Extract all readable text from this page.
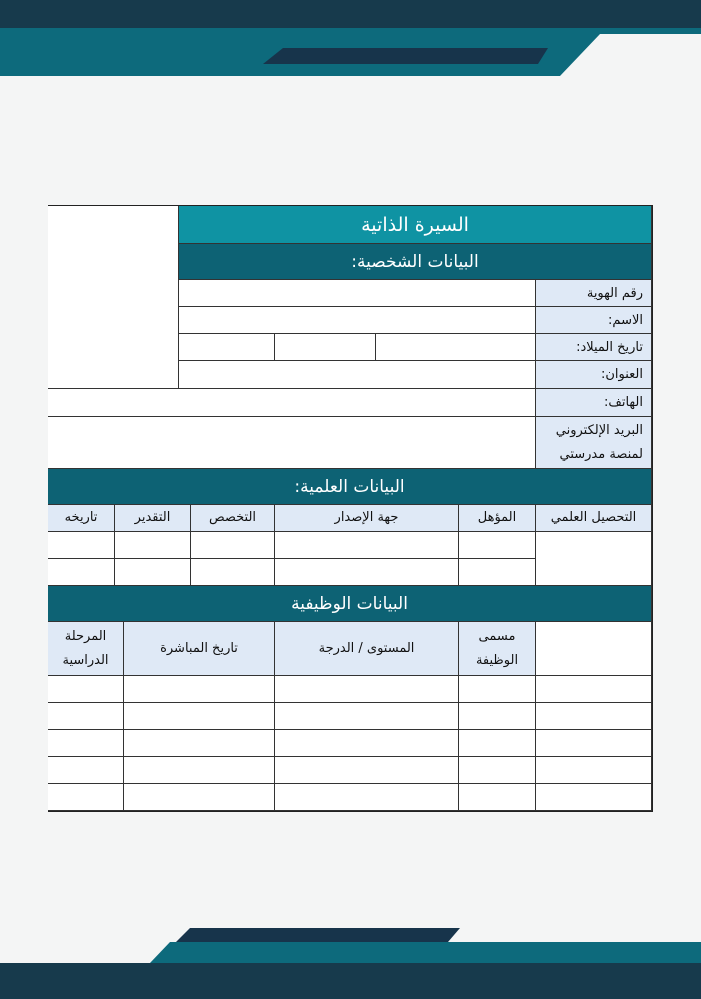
السيرة الذاتية
البيانات الشخصية:
رقم الهوية
الاسم:
تاريخ الميلاد:
العنوان:
الهاتف:
البريد الإلكتروني
لمنصة مدرستي
البيانات العلمية:
التحصيل العلمي
المؤهل
جهة الإصدار
التخصص
التقدير
تاريخه
البيانات الوظيفية
مسمى
الوظيفة
المستوى / الدرجة
تاريخ المباشرة
المرحلة
الدراسية
